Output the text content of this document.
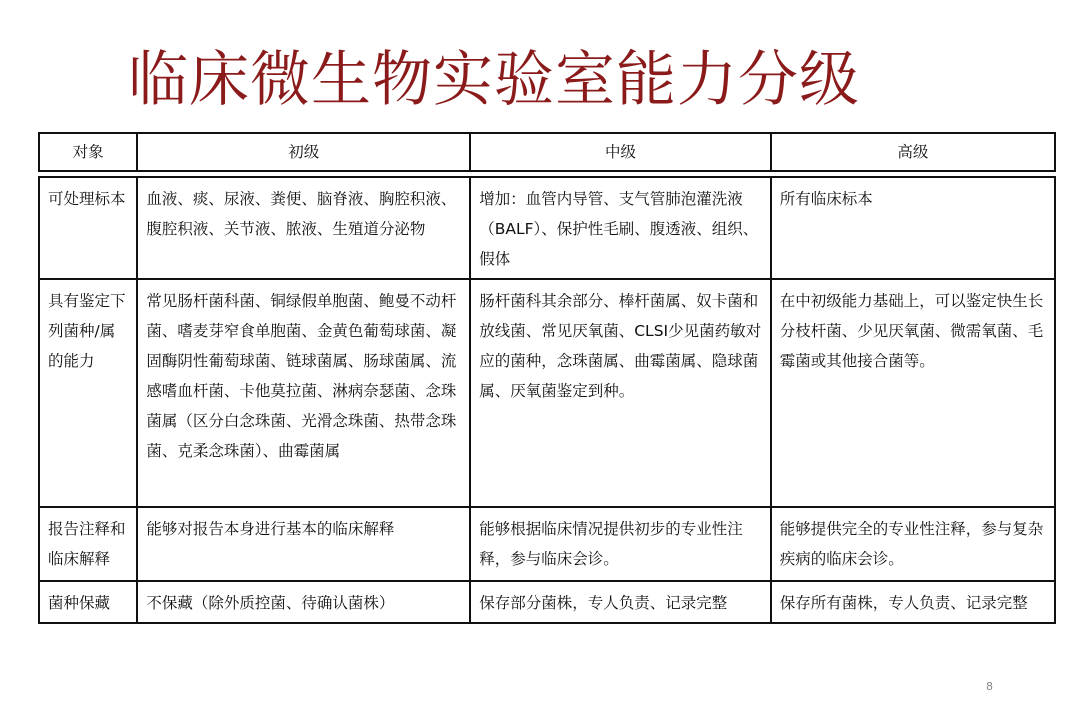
临床微生物实验室能力分级
对象	初级	中级	高级

可处理标本	血液、痰、尿液、粪便、脑脊液、胸腔积液、腹腔积液、关节液、脓液、生殖道分泌物	增加：血管内导管、支气管肺泡灌洗液（BALF）、保护性毛刷、腹透液、组织、假体	所有临床标本
具有鉴定下列菌种/属的能力	常见肠杆菌科菌、铜绿假单胞菌、鲍曼不动杆菌、嗜麦芽窄食单胞菌、金黄色葡萄球菌、凝固酶阴性葡萄球菌、链球菌属、肠球菌属、流感嗜血杆菌、卡他莫拉菌、淋病奈瑟菌、念珠菌属（区分白念珠菌、光滑念珠菌、热带念珠菌、克柔念珠菌）、曲霉菌属	肠杆菌科其余部分、棒杆菌属、奴卡菌和放线菌、常见厌氧菌、CLSI少见菌药敏对应的菌种，念珠菌属、曲霉菌属、隐球菌属、厌氧菌鉴定到种。	在中初级能力基础上，可以鉴定快生长分枝杆菌、少见厌氧菌、微需氧菌、毛霉菌或其他接合菌等。
报告注释和临床解释	能够对报告本身进行基本的临床解释	能够根据临床情况提供初步的专业性注释，参与临床会诊。	能够提供完全的专业性注释，参与复杂疾病的临床会诊。
菌种保藏	不保藏（除外质控菌、待确认菌株）	保存部分菌株，专人负责、记录完整	保存所有菌株，专人负责、记录完整
8
